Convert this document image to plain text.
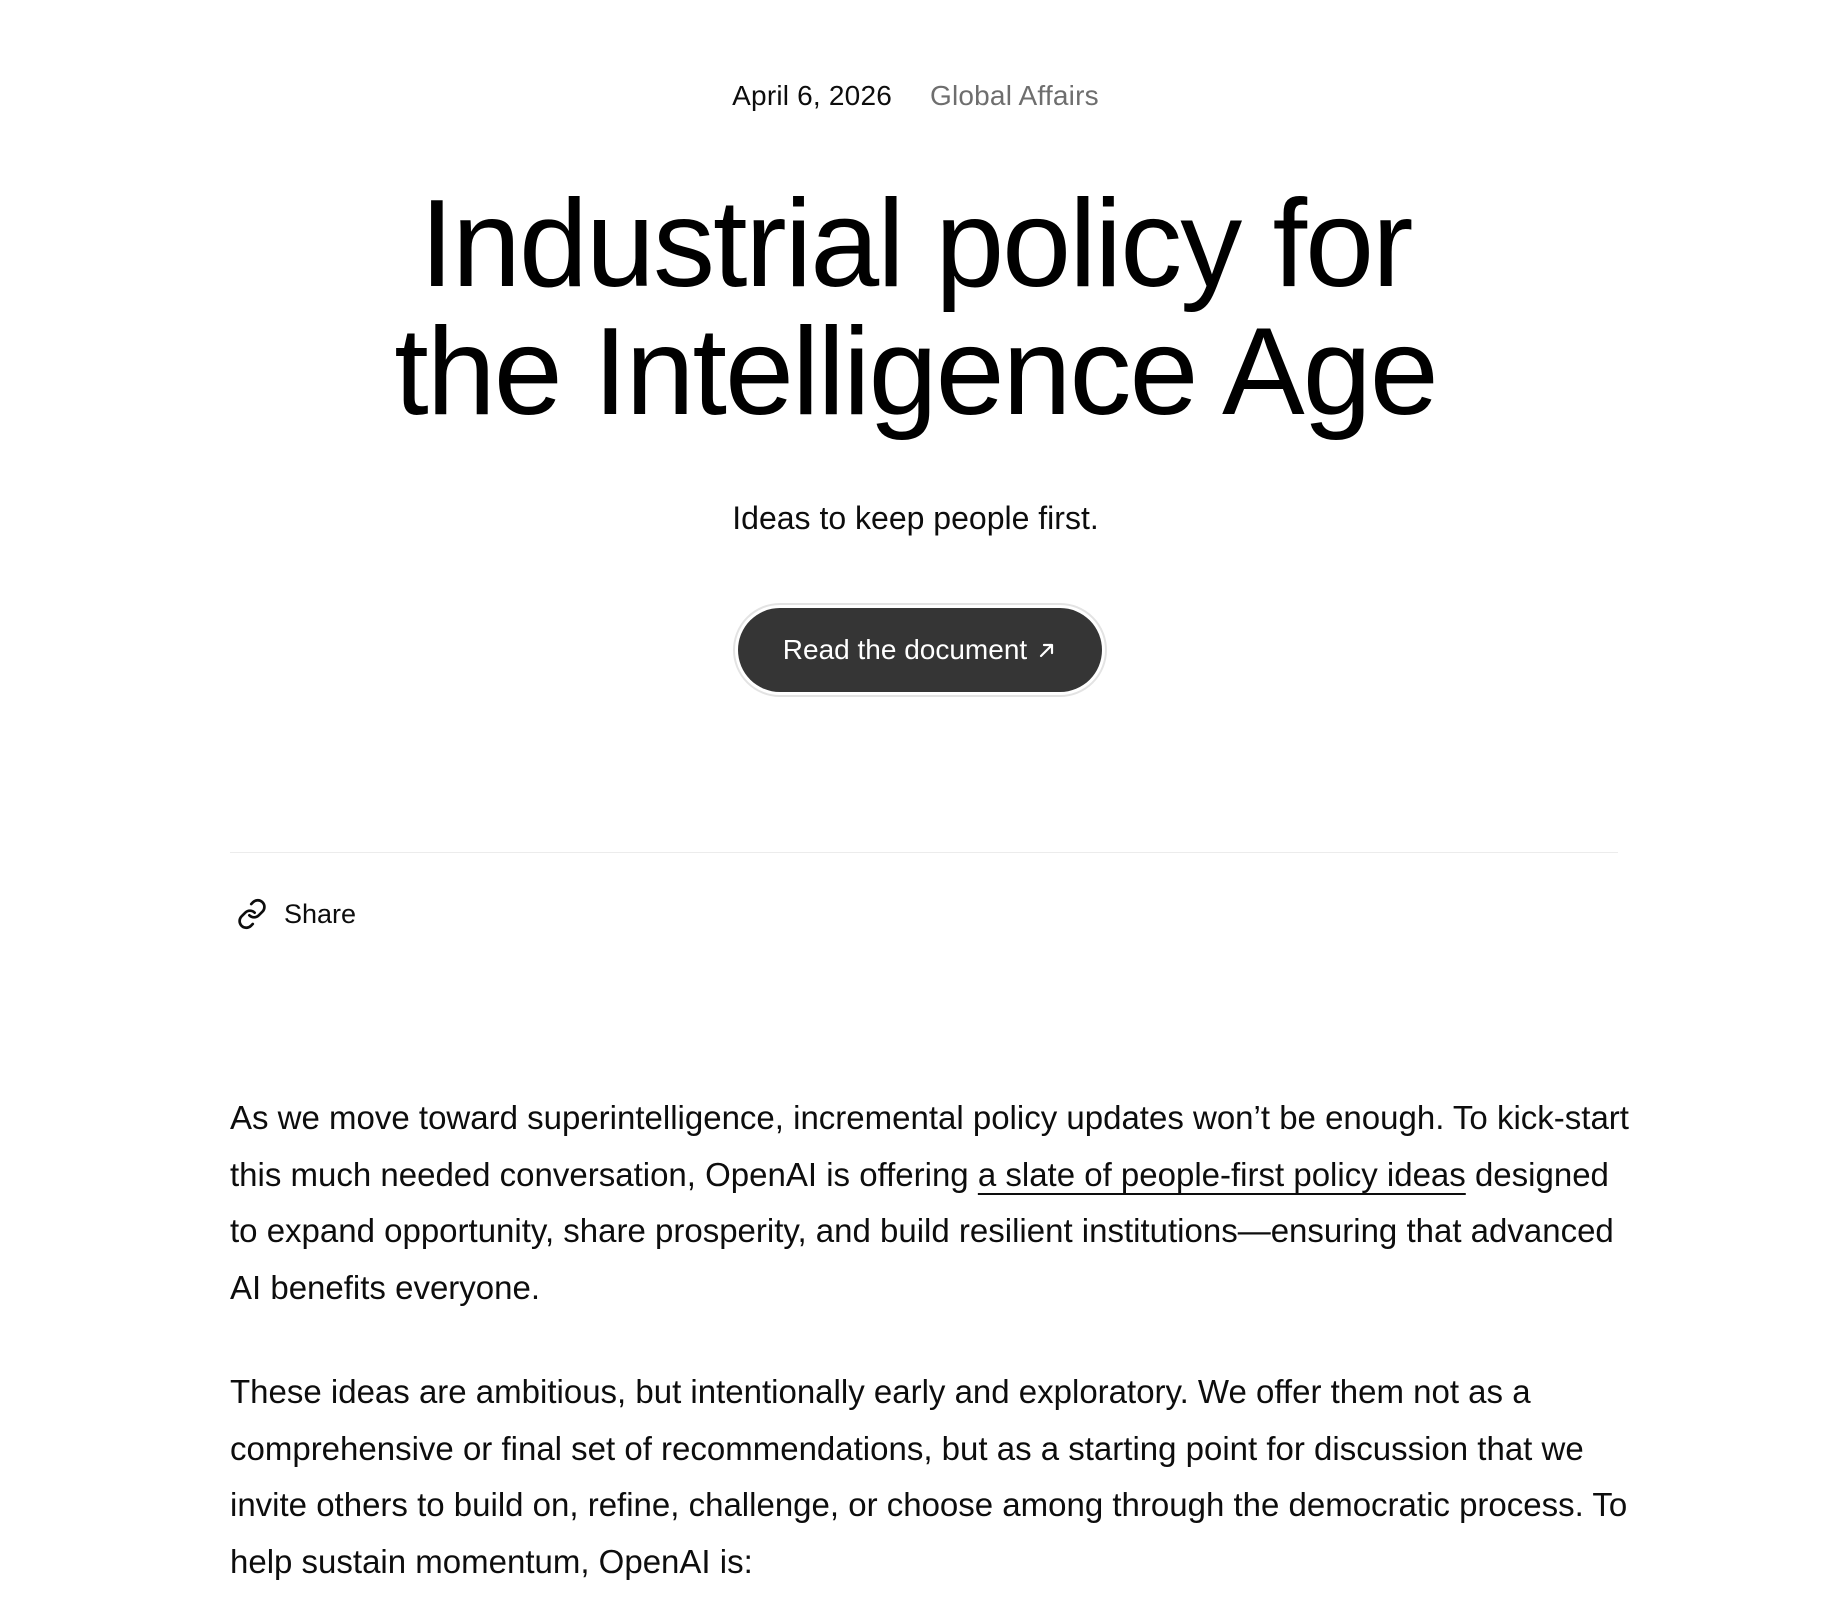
April 6, 2026 Global Affairs
Industrial policy for
the Intelligence Age
Ideas to keep people first.
Read the document
Share

As we move toward superintelligence, incremental policy updates won’t be enough. To kick-start this much needed conversation, OpenAI is offering a slate of people-first policy ideas designed to expand opportunity, share prosperity, and build resilient institutions—ensuring that advanced AI benefits everyone.

These ideas are ambitious, but intentionally early and exploratory. We offer them not as a comprehensive or final set of recommendations, but as a starting point for discussion that we invite others to build on, refine, challenge, or choose among through the democratic process. To help sustain momentum, OpenAI is:
